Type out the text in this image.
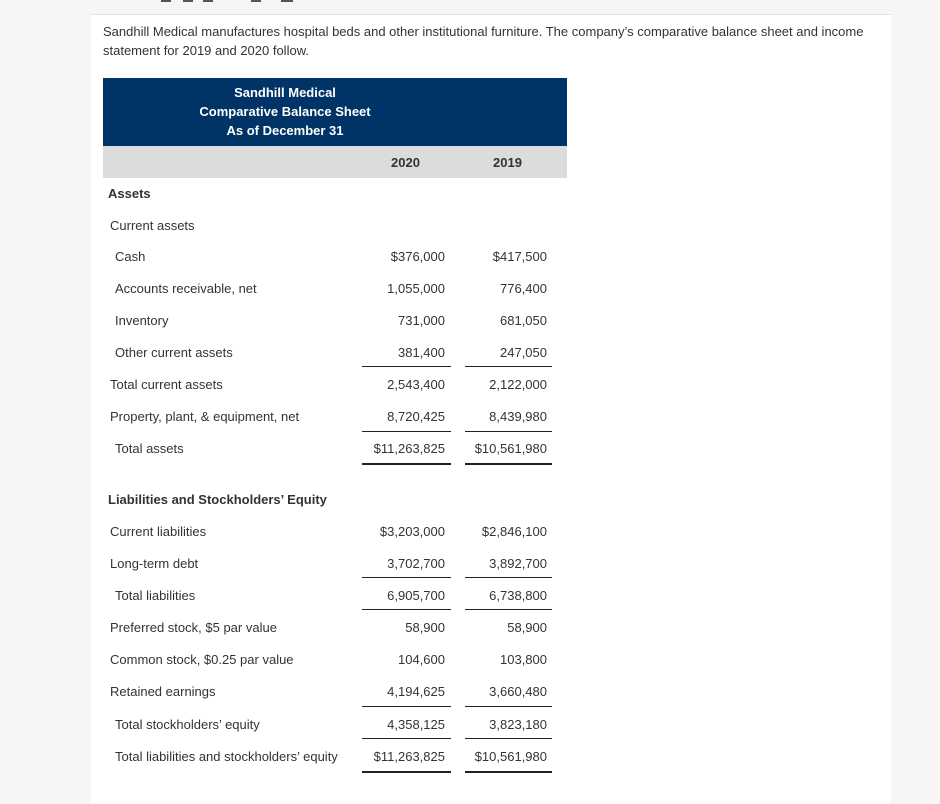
Sandhill Medical manufactures hospital beds and other institutional furniture. The company’s comparative balance sheet and income statement for 2019 and 2020 follow.
Sandhill Medical
Comparative Balance Sheet
As of December 31
2020	2019
Assets
Current assets
Cash	$376,000	$417,500
Accounts receivable, net	1,055,000	776,400
Inventory	731,000	681,050
Other current assets	381,400	247,050
Total current assets	2,543,400	2,122,000
Property, plant, & equipment, net	8,720,425	8,439,980
Total assets	$11,263,825	$10,561,980
Liabilities and Stockholders’ Equity
Current liabilities	$3,203,000	$2,846,100
Long-term debt	3,702,700	3,892,700
Total liabilities	6,905,700	6,738,800
Preferred stock, $5 par value	58,900	58,900
Common stock, $0.25 par value	104,600	103,800
Retained earnings	4,194,625	3,660,480
Total stockholders’ equity	4,358,125	3,823,180
Total liabilities and stockholders’ equity	$11,263,825	$10,561,980
